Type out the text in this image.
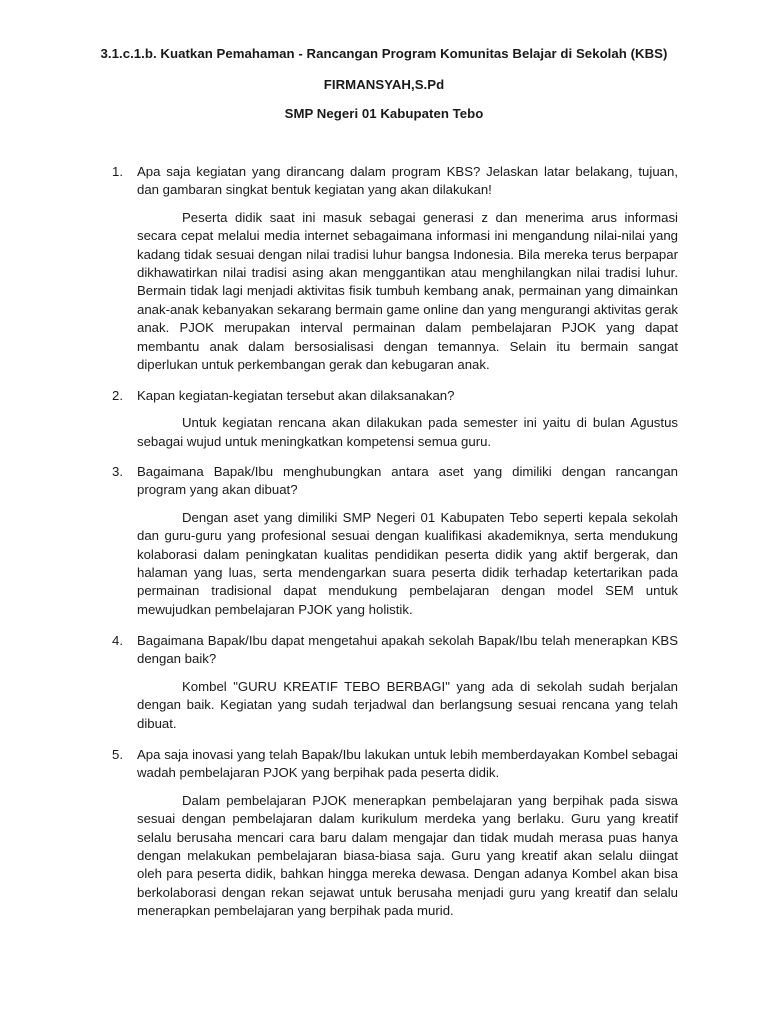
3.1.c.1.b. Kuatkan Pemahaman - Rancangan Program Komunitas Belajar di Sekolah (KBS)
FIRMANSYAH,S.Pd
SMP Negeri 01 Kabupaten Tebo
1.	Apa saja kegiatan yang dirancang dalam program KBS? Jelaskan latar belakang, tujuan, dan gambaran singkat bentuk kegiatan yang akan dilakukan!
Peserta didik saat ini masuk sebagai generasi z dan menerima arus informasi secara cepat melalui media internet sebagaimana informasi ini mengandung nilai-nilai yang kadang tidak sesuai dengan nilai tradisi luhur bangsa Indonesia. Bila mereka terus berpapar dikhawatirkan nilai tradisi asing akan menggantikan atau menghilangkan nilai tradisi luhur. Bermain tidak lagi menjadi aktivitas fisik tumbuh kembang anak, permainan yang dimainkan anak-anak kebanyakan sekarang bermain game online dan yang mengurangi aktivitas gerak anak. PJOK merupakan interval permainan dalam pembelajaran PJOK yang dapat membantu anak dalam bersosialisasi dengan temannya. Selain itu bermain sangat diperlukan untuk perkembangan gerak dan kebugaran anak.
2.	Kapan kegiatan-kegiatan tersebut akan dilaksanakan?
Untuk kegiatan rencana akan dilakukan pada semester ini yaitu di bulan Agustus sebagai wujud untuk meningkatkan kompetensi semua guru.
3.	Bagaimana Bapak/Ibu menghubungkan antara aset yang dimiliki dengan rancangan program yang akan dibuat?
Dengan aset yang dimiliki SMP Negeri 01 Kabupaten Tebo seperti kepala sekolah dan guru-guru yang profesional sesuai dengan kualifikasi akademiknya, serta mendukung kolaborasi dalam peningkatan kualitas pendidikan peserta didik yang aktif bergerak, dan halaman yang luas, serta mendengarkan suara peserta didik terhadap ketertarikan pada permainan tradisional dapat mendukung pembelajaran dengan model SEM untuk mewujudkan pembelajaran PJOK yang holistik.
4.	Bagaimana Bapak/Ibu dapat mengetahui apakah sekolah Bapak/Ibu telah menerapkan KBS dengan baik?
Kombel "GURU KREATIF TEBO BERBAGI" yang ada di sekolah sudah berjalan dengan baik. Kegiatan yang sudah terjadwal dan berlangsung sesuai rencana yang telah dibuat.
5.	Apa saja inovasi yang telah Bapak/Ibu lakukan untuk lebih memberdayakan Kombel sebagai wadah pembelajaran PJOK yang berpihak pada peserta didik.
Dalam pembelajaran PJOK menerapkan pembelajaran yang berpihak pada siswa sesuai dengan pembelajaran dalam kurikulum merdeka yang berlaku. Guru yang kreatif selalu berusaha mencari cara baru dalam mengajar dan tidak mudah merasa puas hanya dengan melakukan pembelajaran biasa-biasa saja. Guru yang kreatif akan selalu diingat oleh para peserta didik, bahkan hingga mereka dewasa. Dengan adanya Kombel akan bisa berkolaborasi dengan rekan sejawat untuk berusaha menjadi guru yang kreatif dan selalu menerapkan pembelajaran yang berpihak pada murid.
